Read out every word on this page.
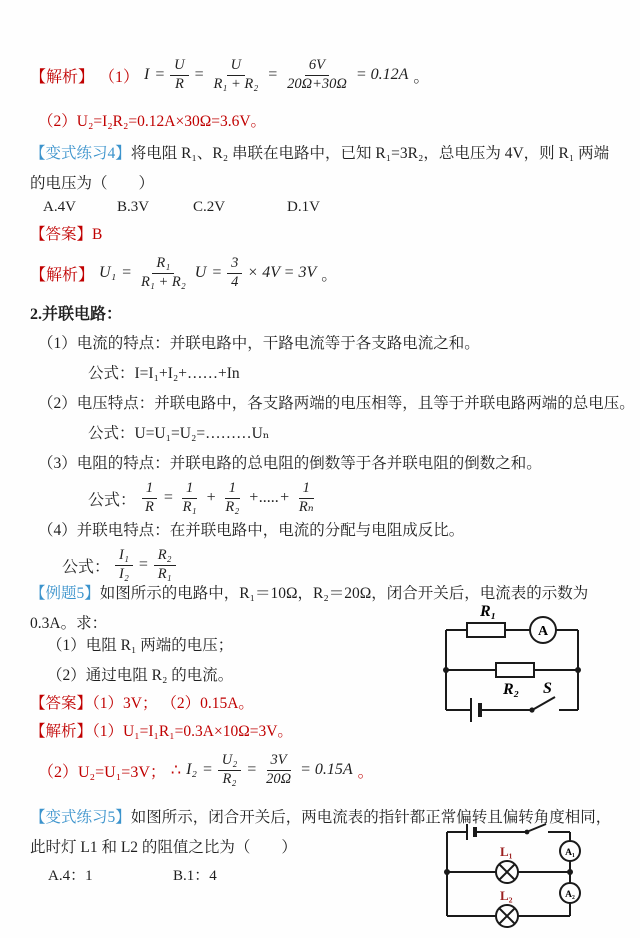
【解析】 （1） $I = \frac{U}{R} = \frac{U}{\text{R₁ + R₂}} = \frac{6V}{20\Omega+30\Omega} = 0.12A$ 。
（2）U₂=I₂R₂=0.12A×30Ω=3.6V。
【变式练习4】将电阻 R₁、R₂ 串联在电路中，已知 R₁=3R₂，总电压为 4V，则 R₁ 两端的电压为（　　）
A.4V	B.3V	C.2V	D.1V
【答案】B
【解析】 $U_1 = \frac{\text{R₁}}{\text{R₁ + R₂}}$ $U = \frac{3}{4} \times 4V = 3V$ 。
2.并联电路：
（1）电流的特点：并联电路中，干路电流等于各支路电流之和。
公式：I=I₁+I₂+……+In
（2）电压特点：并联电路中，各支路两端的电压相等，且等于并联电路两端的总电压。
公式：U=U₁=U₂=………Uₙ
（3）电阻的特点：并联电路的总电阻的倒数等于各并联电阻的倒数之和。
公式： $\frac{1}{R} = \frac{1}{\text{R₁}} + \frac{1}{\text{R₂}}$ +.....+ $\frac{1}{\text{Rₙ}}$
（4）并联电特点：在并联电路中，电流的分配与电阻成反比。
公式： $\frac{\text{I₁}}{\text{I₂}} = \frac{\text{R₂}}{\text{R₁}}$
【例题5】如图所示的电路中，R₁＝10Ω，R₂＝20Ω，闭合开关后，电流表的示数为
0.3A。求：
（1）电阻 R₁ 两端的电压；
（2）通过电阻 R₂ 的电流。
【答案】（1）3V； （2）0.15A。
【解析】（1）U₁=I₁R₁=0.3A×10Ω=3V。
（2）U₂=U₁=3V； ∴ $I_2 = \frac{\text{U₂}}{\text{R₂}} = \frac{3V}{20\Omega} = 0.15A$ 。
【变式练习5】如图所示，闭合开关后，两电流表的指针都正常偏转且偏转角度相同，
此时灯 L1 和 L2 的阻值之比为（　　）
A.4：1	B.1：4
A
R₁
R₂ S
L₁
L₂
A₁
A₂
